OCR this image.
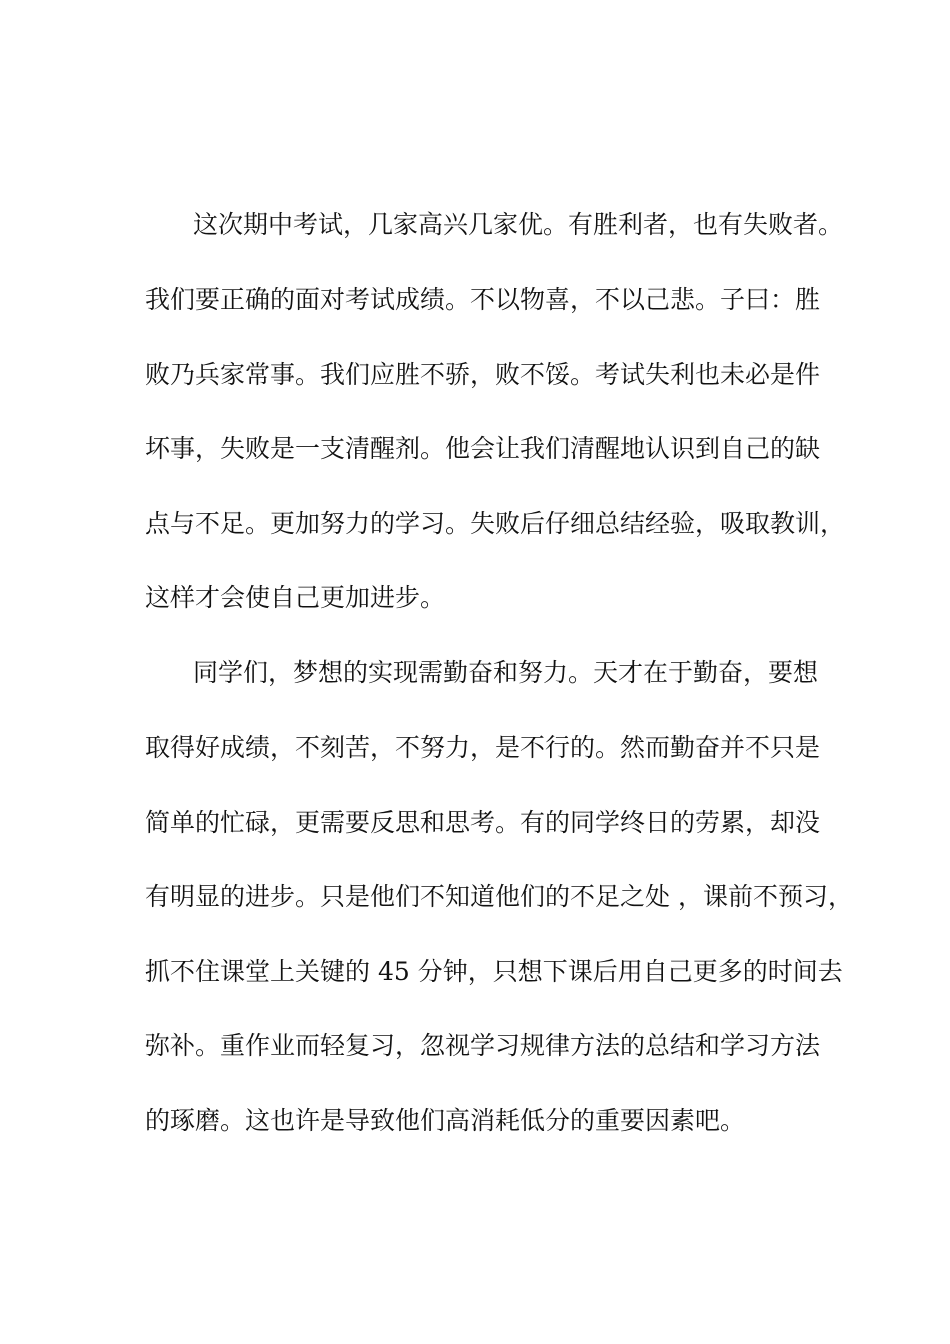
这次期中考试，几家高兴几家优。有胜利者，也有失败者。
我们要正确的面对考试成绩。不以物喜，不以己悲。子曰：胜
败乃兵家常事。我们应胜不骄，败不馁。考试失利也未必是件
坏事，失败是一支清醒剂。他会让我们清醒地认识到自己的缺
点与不足。更加努力的学习。失败后仔细总结经验，吸取教训，
这样才会使自己更加进步。
同学们，梦想的实现需勤奋和努力。天才在于勤奋，要想
取得好成绩，不刻苦，不努力，是不行的。然而勤奋并不只是
简单的忙碌，更需要反思和思考。有的同学终日的劳累，却没
有明显的进步。只是他们不知道他们的不足之处 ，课前不预习，
抓不住课堂上关键的 45 分钟，只想下课后用自己更多的时间去
弥补。重作业而轻复习，忽视学习规律方法的总结和学习方法
的琢磨。这也许是导致他们高消耗低分的重要因素吧。
